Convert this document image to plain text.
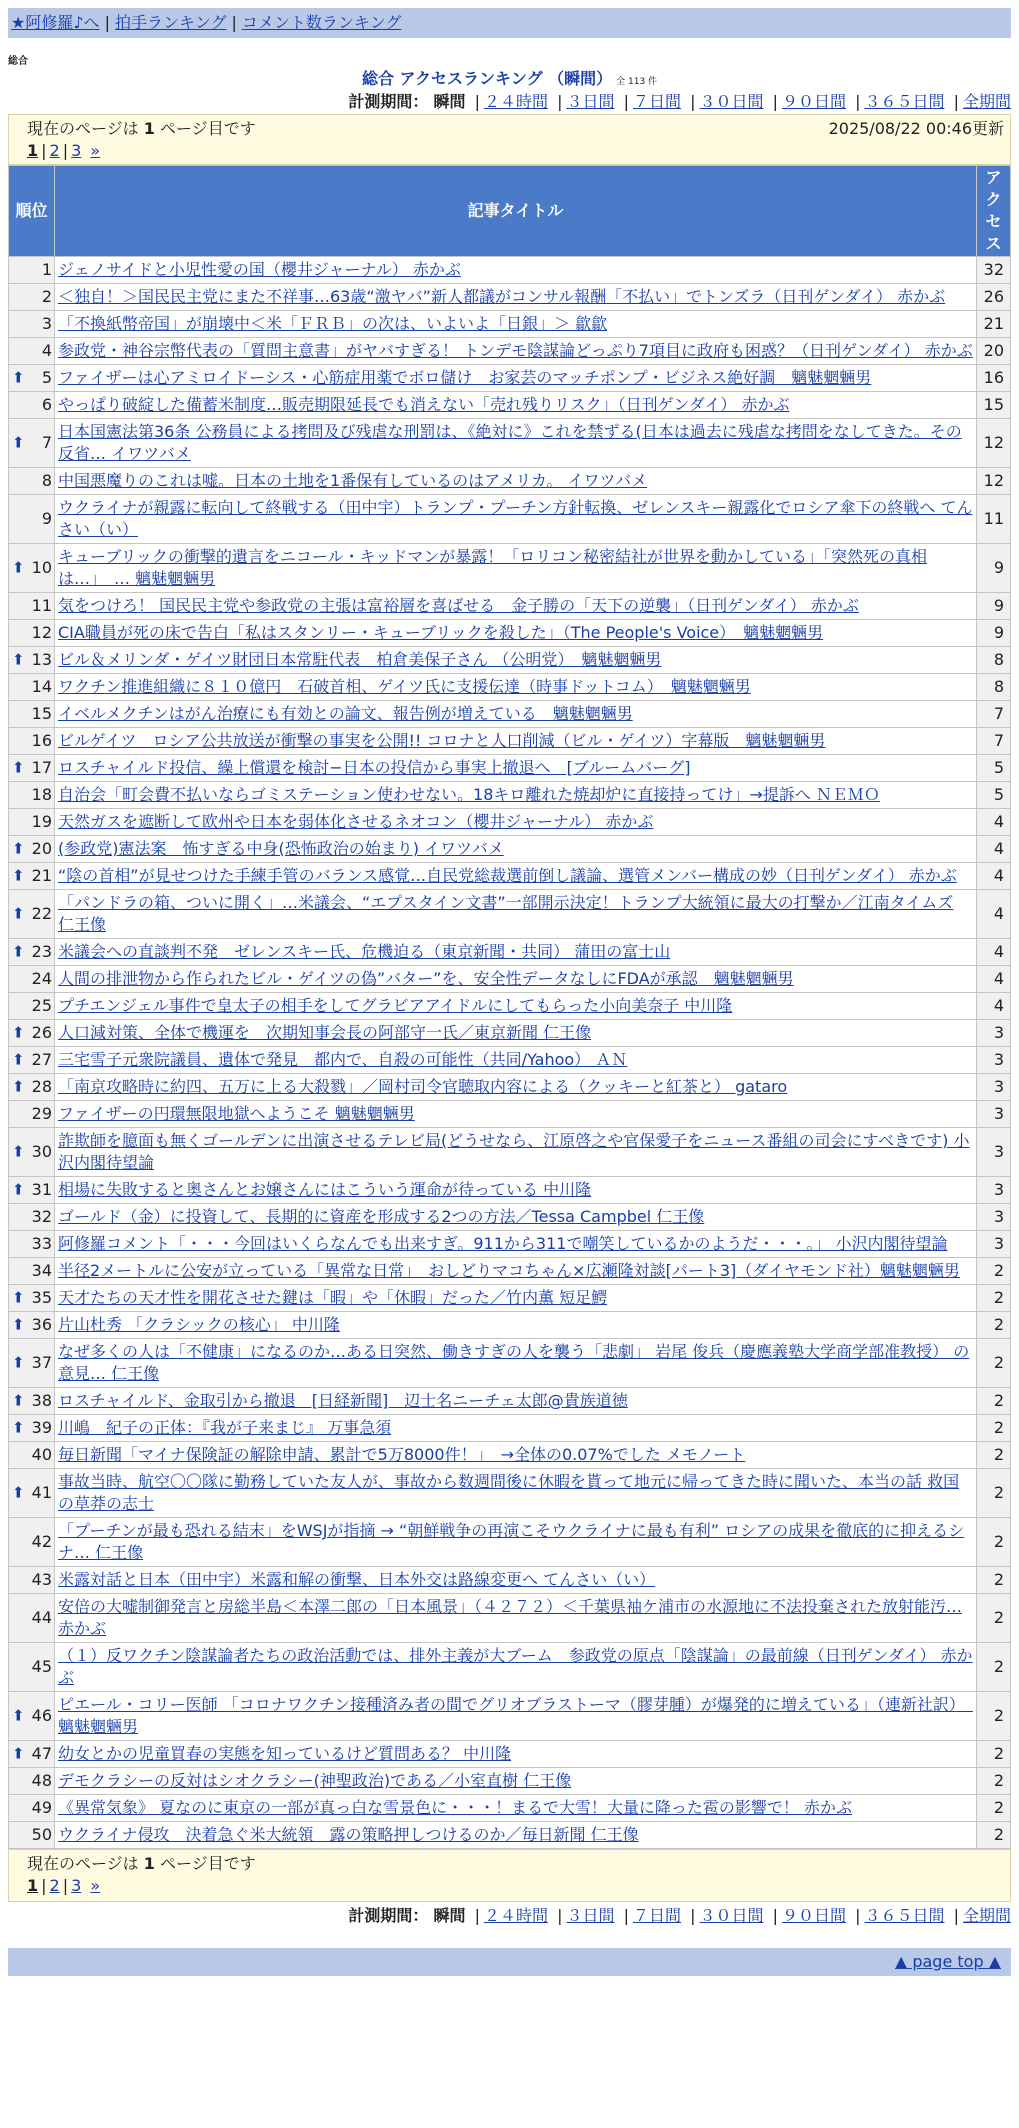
★阿修羅♪へ | 拍手ランキング | コメント数ランキング
総合
総合 アクセスランキング （瞬間） 全 113 件
計測期間： 瞬間 | ２４時間 | ３日間 | ７日間 | ３０日間 | ９０日間 | ３６５日間 | 全期間
現在のページは 1 ページ目です	2025/08/22 00:46更新
1 | 2 | 3 »
順位	記事タイトル	アクセス
1	ジェノサイドと小児性愛の国（櫻井ジャーナル） 赤かぶ	32
2	＜独自！＞国民民主党にまた不祥事…63歳“激ヤバ”新人都議がコンサル報酬「不払い」でトンズラ（日刊ゲンダイ） 赤かぶ	26
3	「不換紙幣帝国」が崩壊中＜米「ＦＲＢ」の次は、いよいよ「日銀」＞ 歙歙	21
4	参政党・神谷宗幣代表の「質問主意書」がヤバすぎる！ トンデモ陰謀論どっぷり7項目に政府も困惑？（日刊ゲンダイ） 赤かぶ	20

⬆ 5	ファイザーは心アミロイドーシス・心筋症用薬でボロ儲け　お家芸のマッチポンプ・ビジネス絶好調　魑魅魍魎男	16
6	やっぱり破綻した備蓄米制度…販売期限延長でも消えない「売れ残りリスク」（日刊ゲンダイ） 赤かぶ	15

⬆ 7	日本国憲法第36条 公務員による拷問及び残虐な刑罰は、《絶対に》これを禁ずる(日本は過去に残虐な拷問をなしてきた。その反省… イワツバメ	12
8	中国悪魔りのこれは嘘。日本の土地を1番保有しているのはアメリカ。 イワツバメ	12
9	ウクライナが親露に転向して終戦する（田中宇）トランプ・プーチン方針転換、ゼレンスキー親露化でロシア傘下の終戦へ てんさい（い）	11

⬆ 10	キューブリックの衝撃的遺言をニコール・キッドマンが暴露！「ロリコン秘密結社が世界を動かしている」「突然死の真相は…」　… 魑魅魍魎男	9
11	気をつけろ！ 国民民主党や参政党の主張は富裕層を喜ばせる　金子勝の「天下の逆襲」（日刊ゲンダイ） 赤かぶ	9
12	CIA職員が死の床で告白「私はスタンリー・キューブリックを殺した」（The People's Voice）　魑魅魍魎男	9

⬆ 13	ビル＆メリンダ・ゲイツ財団日本常駐代表　柏倉美保子さん （公明党）　魑魅魍魎男	8
14	ワクチン推進組織に８１０億円　石破首相、ゲイツ氏に支援伝達（時事ドットコム）　魑魅魍魎男	8
15	イベルメクチンはがん治療にも有効との論文、報告例が増えている　魑魅魍魎男	7
16	ビルゲイツ　ロシア公共放送が衝撃の事実を公開!! コロナと人口削減（ビル・ゲイツ）字幕版　魑魅魍魎男	7

⬆ 17	ロスチャイルド投信、繰上償還を検討−日本の投信から事実上撤退へ　[ブルームバーグ]	5
18	自治会「町会費不払いならゴミステーション使わせない。18キロ離れた焼却炉に直接持ってけ」→提訴へ ＮＥＭＯ	5
19	天然ガスを遮断して欧州や日本を弱体化させるネオコン（櫻井ジャーナル） 赤かぶ	4

⬆ 20	(参政党)憲法案　怖すぎる中身(恐怖政治の始まり) イワツバメ	4

⬆ 21	“陰の首相”が見せつけた手練手管のバランス感覚…自民党総裁選前倒し議論、選管メンバー構成の妙（日刊ゲンダイ） 赤かぶ	4

⬆ 22	「パンドラの箱、ついに開く」…米議会、“エプスタイン文書”一部開示決定！トランプ大統領に最大の打撃か／江南タイムズ 仁王像	4

⬆ 23	米議会への直談判不発　ゼレンスキー氏、危機迫る（東京新聞・共同） 蒲田の富士山	4
24	人間の排泄物から作られたビル・ゲイツの偽”バター”を、安全性データなしにFDAが承認　魑魅魍魎男	4
25	プチエンジェル事件で皇太子の相手をしてグラビアアイドルにしてもらった小向美奈子 中川隆	4

⬆ 26	人口減対策、全体で機運を　次期知事会長の阿部守一氏／東京新聞 仁王像	3

⬆ 27	三宅雪子元衆院議員、遺体で発見　都内で、自殺の可能性（共同/Yahoo） ＡＮ	3

⬆ 28	「南京攻略時に約四、五万に上る大殺戮」／岡村司令官聴取内容による（クッキーと紅茶と） gataro	3
29	ファイザーの円環無限地獄へようこそ 魑魅魍魎男	3

⬆ 30	詐欺師を臆面も無くゴールデンに出演させるテレビ局(どうせなら、江原啓之や官保愛子をニュース番組の司会にすべきです) 小沢内閣待望論	3

⬆ 31	相場に失敗すると奥さんとお嬢さんにはこういう運命が待っている 中川隆	3
32	ゴールド（金）に投資して、長期的に資産を形成する2つの方法／Tessa Campbel 仁王像	3
33	阿修羅コメント「・・・今回はいくらなんでも出来すぎ。911から311で嘲笑しているかのようだ・・・。」 小沢内閣待望論	3
34	半径2メートルに公安が立っている「異常な日常」　おしどりマコちゃん×広瀬隆対談[パート3]（ダイヤモンド社）魑魅魍魎男	2

⬆ 35	天才たちの天才性を開花させた鍵は「暇」や「休暇」だった／竹内薫 短足鰐	2

⬆ 36	片山杜秀 「クラシックの核心」 中川隆	2

⬆ 37	なぜ多くの人は「不健康」になるのか…ある日突然、働きすぎの人を襲う「悲劇」 岩尾 俊兵（慶應義塾大学商学部准教授） の意見… 仁王像	2

⬆ 38	ロスチャイルド、金取引から撤退　[日経新聞]　辺士名ニーチェ太郎@貴族道徳	2

⬆ 39	川嶋　紀子の正体：『我が子来まじ』 万事急須	2
40	毎日新聞「マイナ保険証の解除申請、累計で5万8000件！」　→全体の0.07%でした メモノート	2

⬆ 41	事故当時、航空〇〇隊に勤務していた友人が、事故から数週間後に休暇を貰って地元に帰ってきた時に聞いた、本当の話 救国の草莽の志士	2
42	「プーチンが最も恐れる結末」をWSJが指摘 → “朝鮮戦争の再演こそウクライナに最も有利” ロシアの成果を徹底的に抑えるシナ… 仁王像	2
43	米露対話と日本（田中宇）米露和解の衝撃、日本外交は路線変更へ てんさい（い）	2
44	安倍の大嘘制御発言と房総半島＜本澤二郎の「日本風景」（４２７２）＜千葉県袖ケ浦市の水源地に不法投棄された放射能汚… 赤かぶ	2
45	（１）反ワクチン陰謀論者たちの政治活動では、排外主義が大ブーム　参政党の原点「陰謀論」の最前線（日刊ゲンダイ） 赤かぶ	2

⬆ 46	ピエール・コリー医師 「コロナワクチン接種済み者の間でグリオブラストーマ（膠芽腫）が爆発的に増えている」（連新社訳）　魑魅魍魎男	2

⬆ 47	幼女とかの児童買春の実態を知っているけど質問ある？ 中川隆	2
48	デモクラシーの反対はシオクラシー(神聖政治)である／小室直樹 仁王像	2
49	《異常気象》 夏なのに東京の一部が真っ白な雪景色に・・・！まるで大雪！大量に降った雹の影響で！ 赤かぶ	2
50	ウクライナ侵攻　決着急ぐ米大統領　露の策略押しつけるのか／毎日新聞 仁王像	2
現在のページは 1 ページ目です
1 | 2 | 3 »
計測期間： 瞬間 | ２４時間 | ３日間 | ７日間 | ３０日間 | ９０日間 | ３６５日間 | 全期間
▲ page top ▲
